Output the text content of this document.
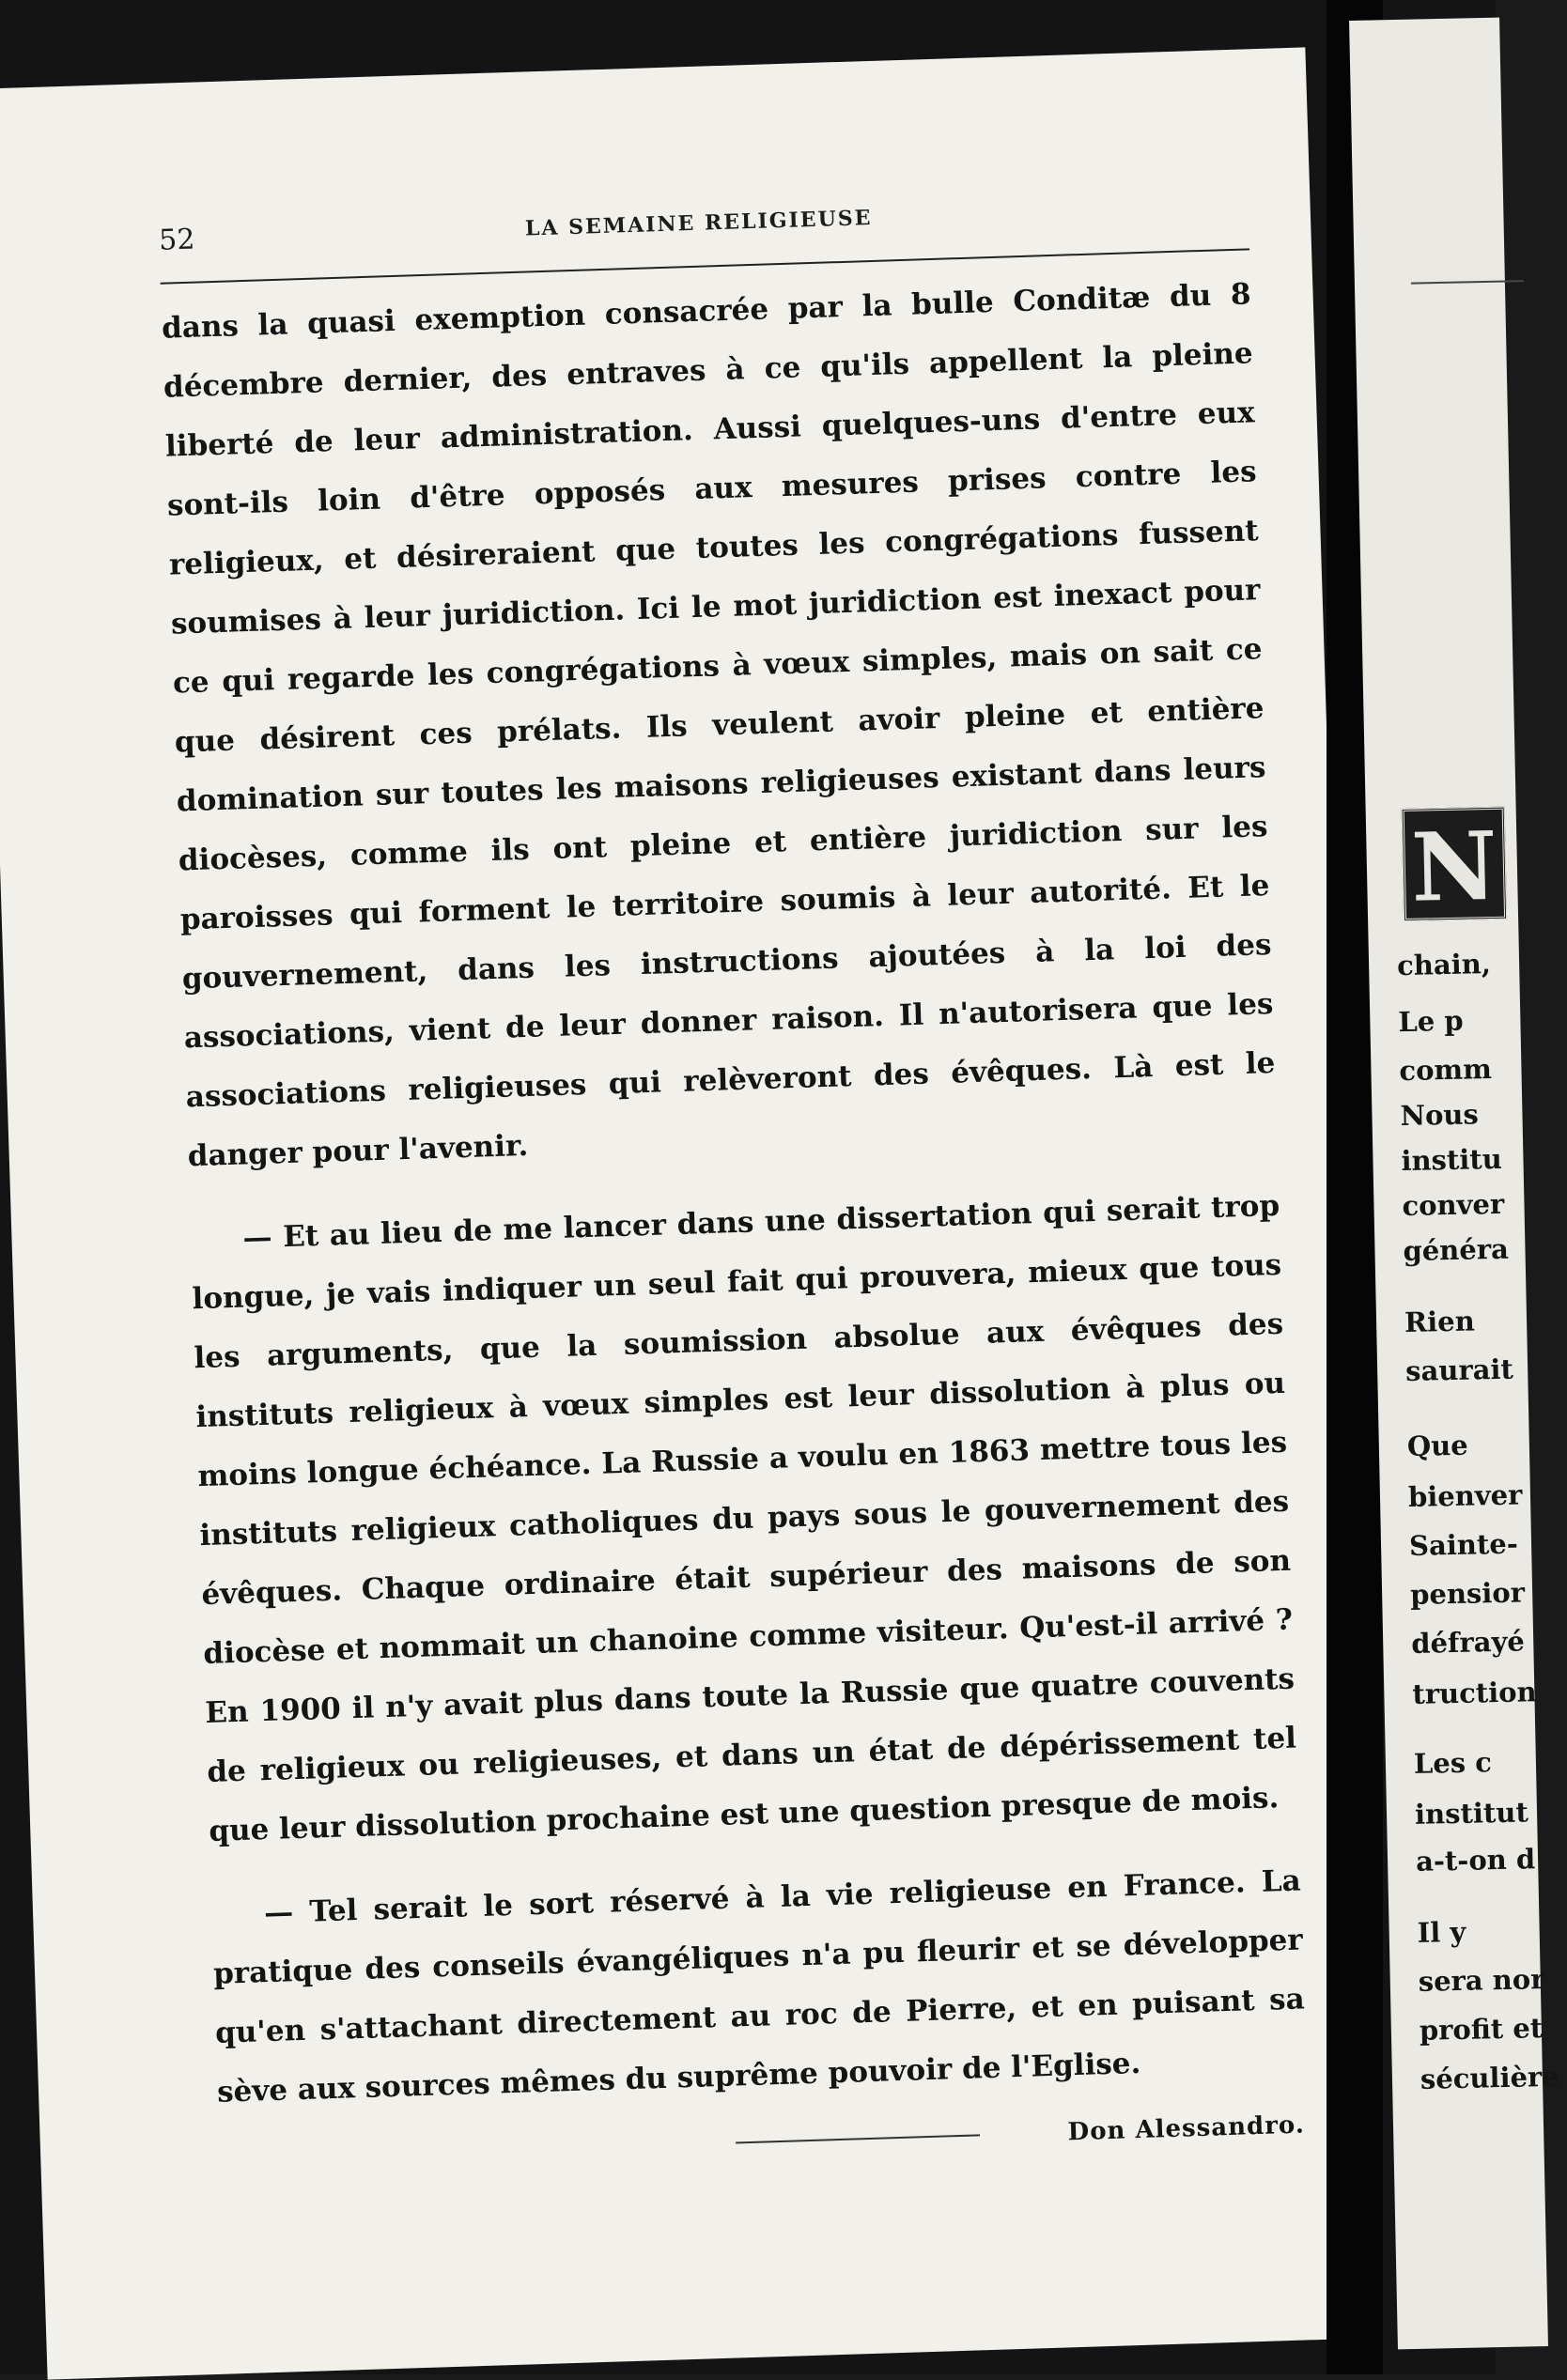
52	LA SEMAINE RELIGIEUSE

dans la quasi exemption consacrée par la bulle Conditæ du 8 décembre dernier, des entraves à ce qu'ils appellent la pleine liberté de leur administration. Aussi quelques-uns d'entre eux sont-ils loin d'être opposés aux mesures prises contre les religieux, et désireraient que toutes les congrégations fussent soumises à leur juridiction. Ici le mot juridiction est inexact pour ce qui regarde les congrégations à vœux simples, mais on sait ce que désirent ces prélats. Ils veulent avoir pleine et entière domination sur toutes les maisons religieuses existant dans leurs diocèses, comme ils ont pleine et entière juridiction sur les paroisses qui forment le territoire soumis à leur autorité. Et le gouvernement, dans les instructions ajoutées à la loi des associations, vient de leur donner raison. Il n'autorisera que les associations religieuses qui relèveront des évêques. Là est le danger pour l'avenir.

— Et au lieu de me lancer dans une dissertation qui serait trop longue, je vais indiquer un seul fait qui prouvera, mieux que tous les arguments, que la soumission absolue aux évêques des instituts religieux à vœux simples est leur dissolution à plus ou moins longue échéance. La Russie a voulu en 1863 mettre tous les instituts religieux catholiques du pays sous le gouvernement des évêques. Chaque ordinaire était supérieur des maisons de son diocèse et nommait un chanoine comme visiteur. Qu'est-il arrivé ? En 1900 il n'y avait plus dans toute la Russie que quatre couvents de religieux ou religieuses, et dans un état de dépérissement tel que leur dissolution prochaine est une question presque de mois.

— Tel serait le sort réservé à la vie religieuse en France. La pratique des conseils évangéliques n'a pu fleurir et se développer qu'en s'attachant directement au roc de Pierre, et en puisant sa sève aux sources mêmes du suprême pouvoir de l'Eglise.

Don Alessandro.

N
chain,
Le p
comm
Nous
institu
conver
généra
Rien
saurait
Que
bienver
Sainte-
pensior
défrayé
truction
Les c
institut
a-t-on d
Il y
sera nor
profit et
séculière
